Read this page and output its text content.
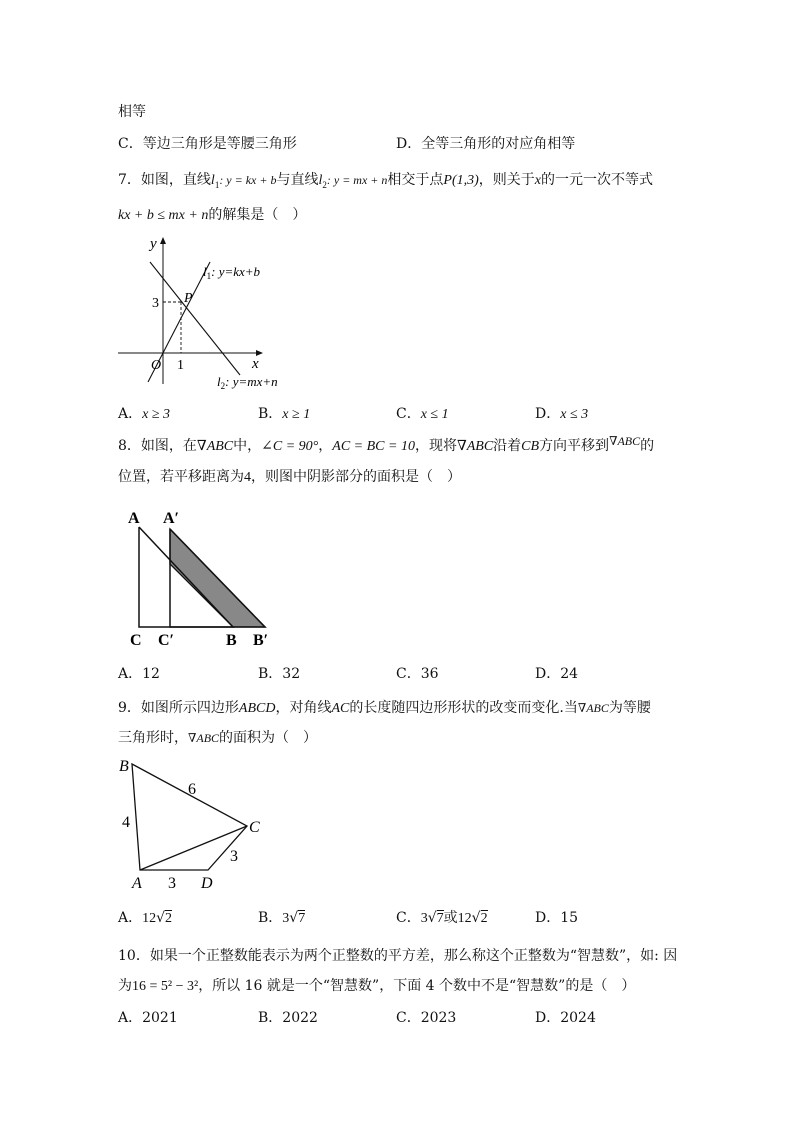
相等
C．等边三角形是等腰三角形	D．全等三角形的对应角相等
7．如图，直线$l_1$: y = kx + b与直线$l_2$: y = mx + n相交于点P(1,3)，则关于x的一元一次不等式
kx + b ≤ mx + n的解集是（　）
y
x
O 1
3 P
$l_1$: y=kx+b
$l_2$: y=mx+n
A．x ≥ 3	B．x ≥ 1	C．x ≤ 1	D．x ≤ 3
8．如图，在∇ABC中，∠C = 90°，AC = BC = 10，现将∇ABC沿着CB方向平移到∇ABC的
位置，若平移距离为4，则图中阴影部分的面积是（　）
A A′
C C′	B B′
A．12	B．32	C．36	D．24
9．如图所示四边形ABCD，对角线AC的长度随四边形形状的改变而变化.当∇ABC为等腰
三角形时，∇ABC的面积为（　）
B
C
A	D
6
4
3
3
A．12√2	B．3√7	C．3√7或12√2	D．15
10．如果一个正整数能表示为两个正整数的平方差，那么称这个正整数为“智慧数”，如: 因
为16 = 5² − 3²，所以 16 就是一个“智慧数”，下面 4 个数中不是“智慧数”的是（　）
A．2021	B．2022	C．2023	D．2024
